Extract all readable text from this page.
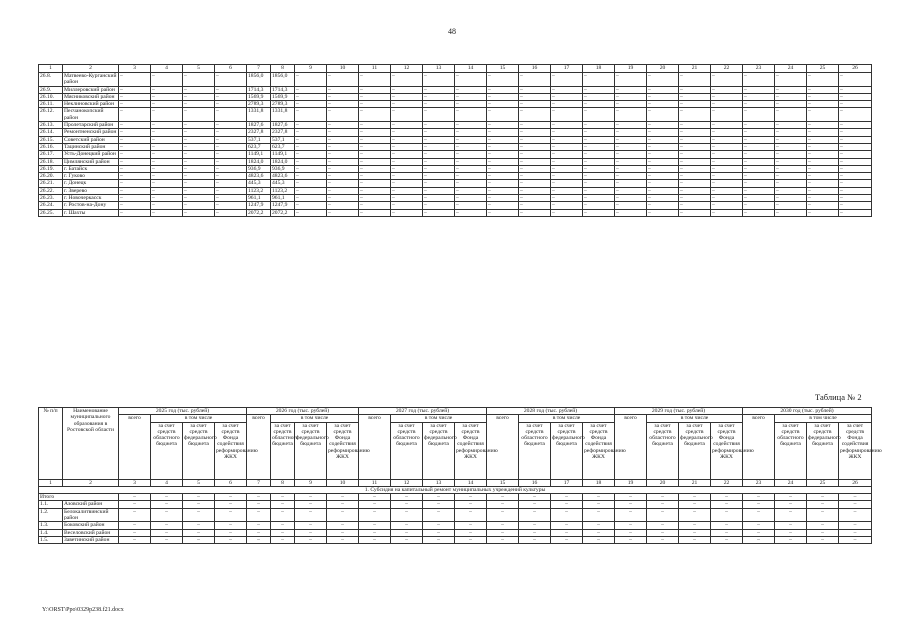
48
1	2	3	4	5	6	7	8	9	10	11	12	13	14	15	16	17	18	19	20	21	22	23	24	25	26
26.8.	Матвеево-Курганский район	–	–	–	–	1856,0	1856,0	–	–	–	–	–	–	–	–	–	–	–	–	–	–	–	–	–	–
26.9.	Миллеровский район	–	–	–	–	1714,3	1714,3	–	–	–	–	–	–	–	–	–	–	–	–	–	–	–	–	–	–
26.10.	Мясниковский район	–	–	–	–	1569,9	1569,9	–	–	–	–	–	–	–	–	–	–	–	–	–	–	–	–	–	–
26.11.	Неклиновский район	–	–	–	–	2789,3	2789,3	–	–	–	–	–	–	–	–	–	–	–	–	–	–	–	–	–	–
26.12.	Песчанокопский район	–	–	–	–	1331,8	1331,8	–	–	–	–	–	–	–	–	–	–	–	–	–	–	–	–	–	–
26.13.	Пролетарский район	–	–	–	–	1827,6	1827,6	–	–	–	–	–	–	–	–	–	–	–	–	–	–	–	–	–	–
26.14.	Ремонтненский район	–	–	–	–	2327,8	2327,8	–	–	–	–	–	–	–	–	–	–	–	–	–	–	–	–	–	–
26.15.	Советский район	–	–	–	–	537,1	537,1	–	–	–	–	–	–	–	–	–	–	–	–	–	–	–	–	–	–
26.16.	Тацинский район	–	–	–	–	623,7	623,7	–	–	–	–	–	–	–	–	–	–	–	–	–	–	–	–	–	–
26.17.	Усть-Донецкий район	–	–	–	–	1149,1	1149,1	–	–	–	–	–	–	–	–	–	–	–	–	–	–	–	–	–	–
26.18.	Цимлянский район	–	–	–	–	1824,0	1824,0	–	–	–	–	–	–	–	–	–	–	–	–	–	–	–	–	–	–
26.19.	г. Батайск	–	–	–	–	936,9	936,9	–	–	–	–	–	–	–	–	–	–	–	–	–	–	–	–	–	–
26.20.	г. Гуково	–	–	–	–	4823,6	4823,6	–	–	–	–	–	–	–	–	–	–	–	–	–	–	–	–	–	–
26.21.	г. Донецк	–	–	–	–	445,3	445,3	–	–	–	–	–	–	–	–	–	–	–	–	–	–	–	–	–	–
26.22.	г. Зверево	–	–	–	–	1123,2	1123,2	–	–	–	–	–	–	–	–	–	–	–	–	–	–	–	–	–	–
26.23.	г. Новочеркасск	–	–	–	–	961,1	961,1	–	–	–	–	–	–	–	–	–	–	–	–	–	–	–	–	–	–
26.24.	г. Ростов-на-Дону	–	–	–	–	1247,9	1247,9	–	–	–	–	–	–	–	–	–	–	–	–	–	–	–	–	–	–
26.25.	г. Шахты	–	–	–	–	2072,2	2072,2	–	–	–	–	–	–	–	–	–	–	–	–	–	–	–	–	–	–
Таблица № 2
№ п/п	Наименование муниципального образования в Ростовской области	2025 год (тыс. рублей)				2026 год (тыс. рублей)				2027 год (тыс. рублей)				2028 год (тыс. рублей)				2029 год (тыс. рублей)				2030 год (тыс. рублей)			
		всего	в том числе			всего	в том числе			всего	в том числе			всего	в том числе			всего	в том числе			всего	в том числе		
			за счет средств областного бюджета	за счет средств федерального бюджета	за счет средств Фонда содействия реформированию ЖКХ		за счет средств областного бюджета	за счет средств федерального бюджета	за счет средств Фонда содействия реформированию ЖКХ		за счет средств областного бюджета	за счет средств федерального бюджета	за счет средств Фонда содействия реформированию ЖКХ		за счет средств областного бюджета	за счет средств федерального бюджета	за счет средств Фонда содействия реформированию ЖКХ		за счет средств областного бюджета	за счет средств федерального бюджета	за счет средств Фонда содействия реформированию ЖКХ		за счет средств областного бюджета	за счет средств федерального бюджета	за счет средств Фонда содействия реформированию ЖКХ
1	2	3	4	5	6	7	8	9	10	11	12	13	14	15	16	17	18	19	20	21	22	23	24	25	26
1. Субсидия на капитальный ремонт муниципальных учреждений культуры																									
Итого		–	–	–	–	–	–	–	–	–	–	–	–	–	–	–	–	–	–	–	–	–	–	–	–
1.1.	Азовский район	–	–	–	–	–	–	–	–	–	–	–	–	–	–	–	–	–	–	–	–	–	–	–	–
1.2.	Белокалитвинский район	–	–	–	–	–	–	–	–	–	–	–	–	–	–	–	–	–	–	–	–	–	–	–	–
1.3.	Боковский район	–	–	–	–	–	–	–	–	–	–	–	–	–	–	–	–	–	–	–	–	–	–	–	–
1.4.	Веселовский район	–	–	–	–	–	–	–	–	–	–	–	–	–	–	–	–	–	–	–	–	–	–	–	–
1.5.	Заветинский район	–	–	–	–	–	–	–	–	–	–	–	–	–	–	–	–	–	–	–	–	–	–	–	–
Y:\ORST\Ppo\0329p238.f21.docx
